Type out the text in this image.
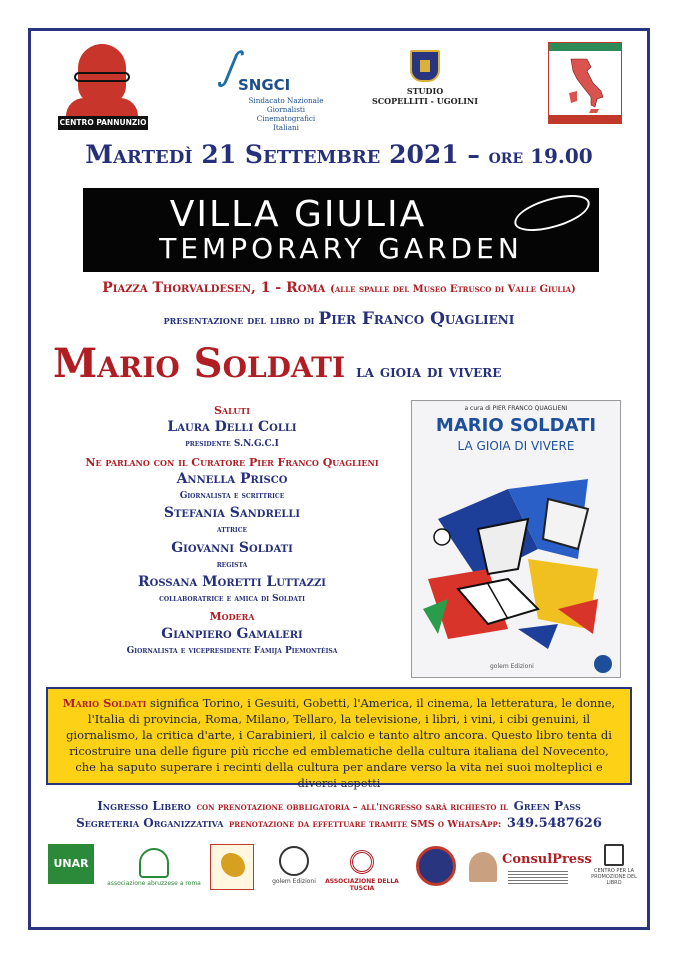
CENTRO PANNUNZIO
∫
SNGCI
Sindacato Nazionale Giornalisti Cinematografici Italiani
STUDIO
SCOPELLITI - UGOLINI
Martedì 21 Settembre 2021 – ore 19.00
VILLA GIULIA
TEMPORARY GARDEN
Piazza Thorvaldesen, 1 - Roma (alle spalle del Museo Etrusco di Valle Giulia)
presentazione del libro di Pier Franco Quaglieni
Mario Soldati la gioia di vivere
Saluti
Laura Delli Colli
presidente S.N.G.C.I
Ne parlano con il Curatore Pier Franco Quaglieni
Annella Prisco
Giornalista e scrittrice
Stefania Sandrelli
attrice
Giovanni Soldati
regista
Rossana Moretti Luttazzi
collaboratrice e amica di Soldati
Modera
Gianpiero Gamaleri
Giornalista e vicepresidente Famija Piemontèisa
a cura di PIER FRANCO QUAGLIENI
MARIO SOLDATI
LA GIOIA DI VIVERE
golem Edizioni
Mario Soldati significa Torino, i Gesuiti, Gobetti, l'America, il cinema, la letteratura, le donne, l'Italia di provincia, Roma, Milano, Tellaro, la televisione, i libri, i vini, i cibi genuini, il giornalismo, la critica d'arte, i Carabinieri, il calcio e tanto altro ancora. Questo libro tenta di ricostruire una delle figure più ricche ed emblematiche della cultura italiana del Novecento, che ha saputo superare i recinti della cultura per andare verso la vita nei suoi molteplici e diversi aspetti
Ingresso Libero con prenotazione obbligatoria – all'ingresso sarà richiesto il Green Pass
Segreteria Organizzativa prenotazione da effettuare tramite SMS o WhatsApp: 349.5487626
UNAR
associazione abruzzese a roma	golem Edizioni	ASSOCIAZIONE DELLA TUSCIA
ConsulPress
CENTRO PER LA PROMOZIONE DEL LIBRO
